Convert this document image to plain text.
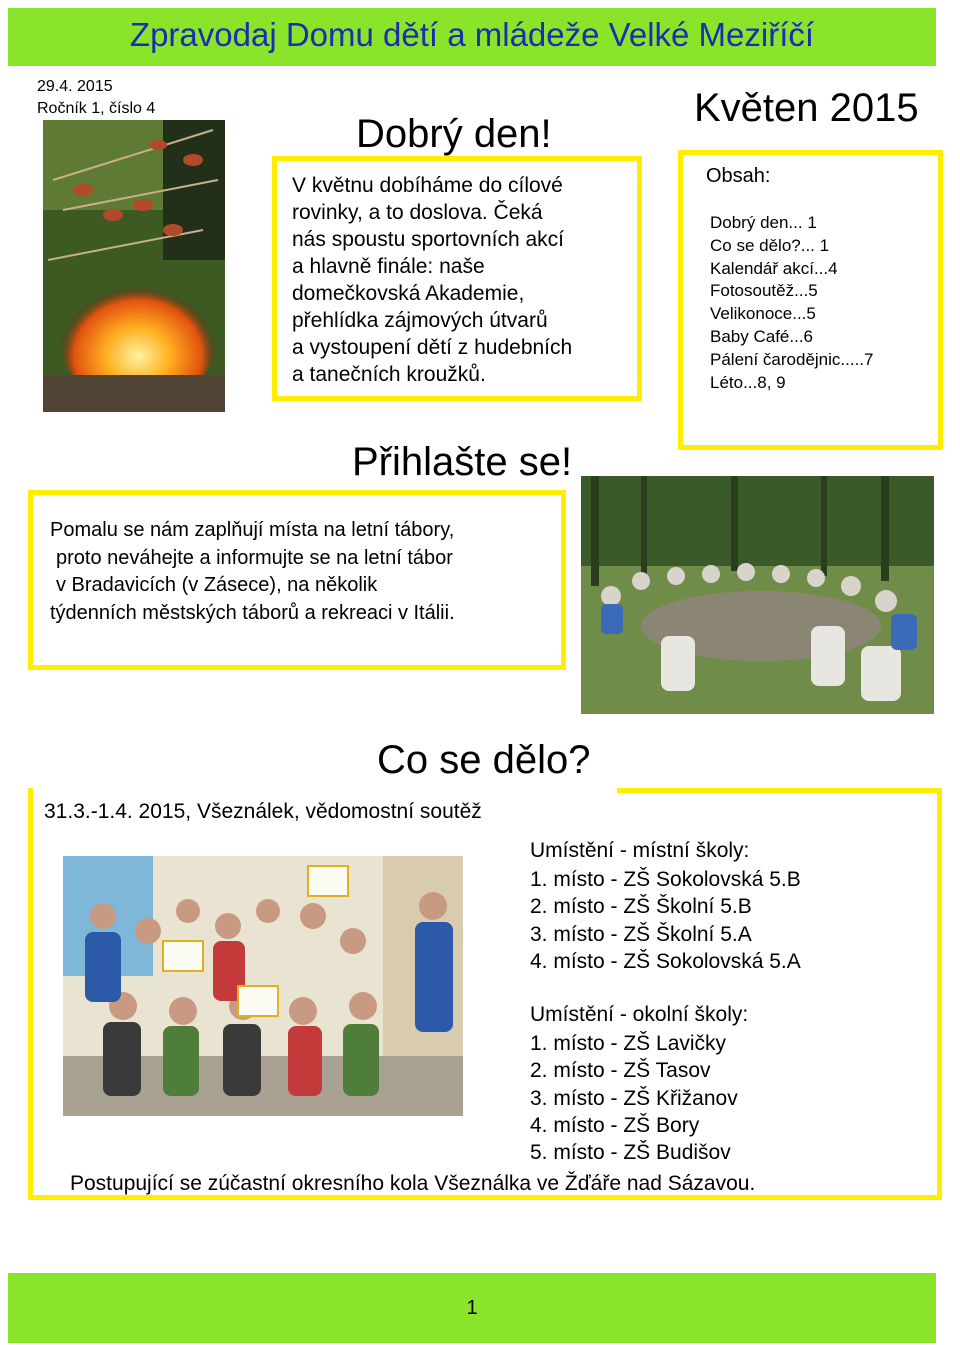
Zpravodaj Domu dětí a mládeže Velké Meziříčí
29.4. 2015
Ročník 1, číslo 4
Dobrý den!
V květnu dobíháme do cílové
rovinky, a to doslova. Čeká
nás spoustu sportovních akcí
a hlavně finále: naše
domečkovská Akademie,
přehlídka zájmových útvarů
a vystoupení dětí z hudebních
a tanečních kroužků.
Květen 2015
Obsah:
Dobrý den... 1
Co se dělo?... 1
Kalendář akcí...4
Fotosoutěž...5
Velikonoce...5
Baby Café...6
Pálení čarodějnic.....7
Léto...8, 9
Přihlašte se!
Pomalu se nám zaplňují místa na letní tábory,
proto neváhejte a informujte se na letní tábor
v Bradavicích (v Zásece), na několik
týdenních městských táborů a rekreaci v Itálii.
Co se dělo?
31.3.-1.4. 2015, Všeználek, vědomostní soutěž
Umístění - místní školy:
1. místo - ZŠ Sokolovská 5.B
2. místo - ZŠ Školní 5.B
3. místo - ZŠ Školní 5.A
4. místo - ZŠ Sokolovská 5.A
Umístění - okolní školy:
1. místo - ZŠ Lavičky
2. místo - ZŠ Tasov
3. místo - ZŠ Křižanov
4. místo - ZŠ Bory
5. místo - ZŠ Budišov
Postupující se zúčastní okresního kola Všeználka ve Žďáře nad Sázavou.
1
